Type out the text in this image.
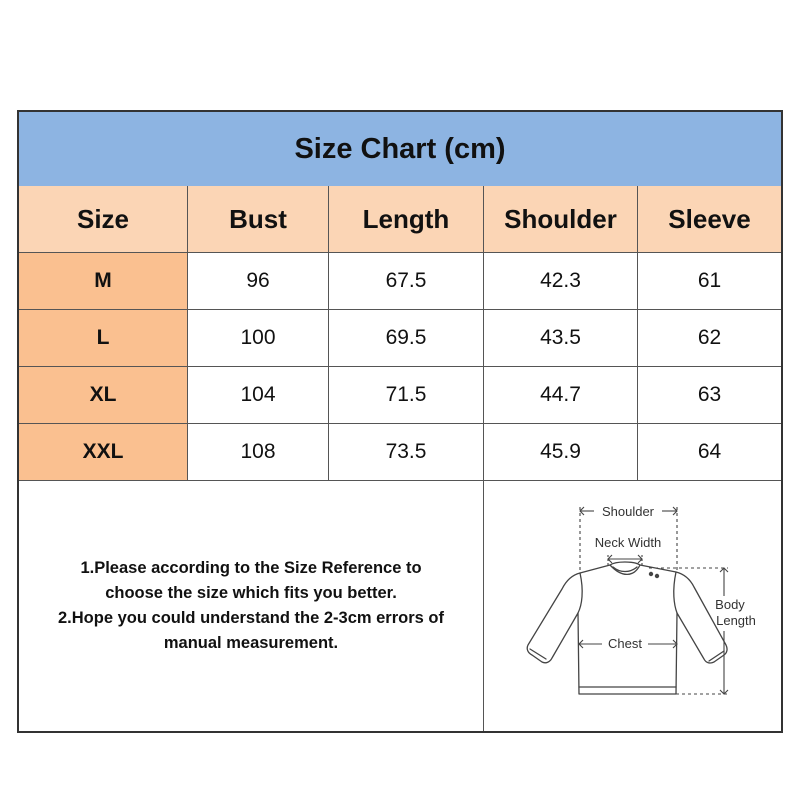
Size Chart (cm)
Size	Bust	Length	Shoulder	Sleeve
M	96	67.5	42.3	61
L	100	69.5	43.5	62
XL	104	71.5	44.7	63
XXL	108	73.5	45.9	64
1.Please according to the Size Reference to
choose the size which fits you better.
2.Hope you could understand the 2-3cm errors of
manual measurement.
Shoulder
Neck Width
Chest
Body
Length
